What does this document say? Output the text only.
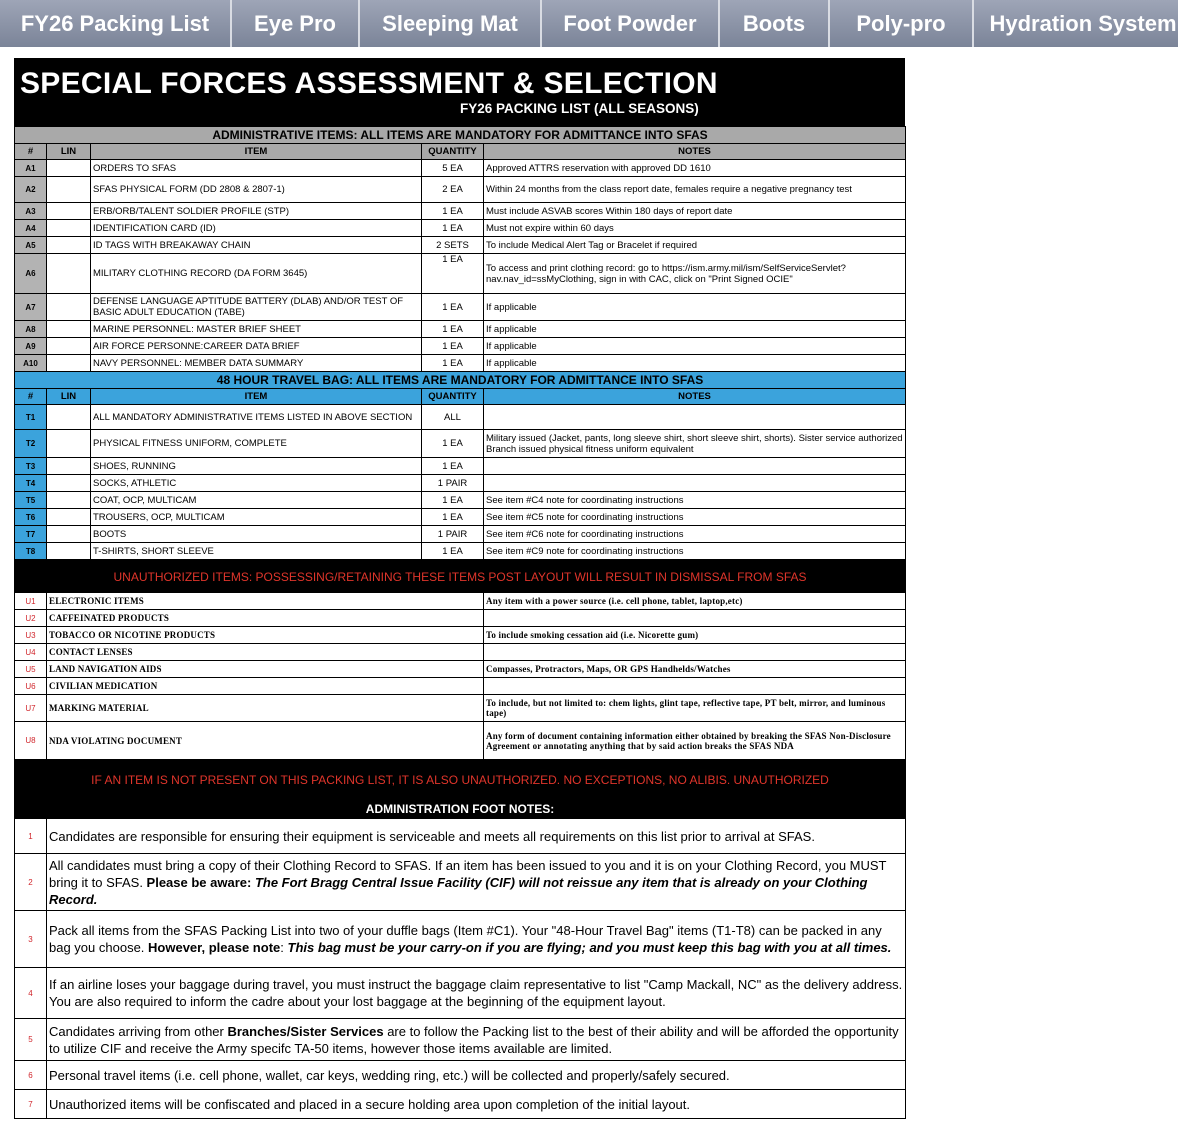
FY26 Packing List	Eye Pro	Sleeping Mat	Foot Powder	Boots	Poly-pro	Hydration System
SPECIAL FORCES ASSESSMENT & SELECTION
FY26 PACKING LIST (ALL SEASONS)
ADMINISTRATIVE ITEMS: ALL ITEMS ARE MANDATORY FOR ADMITTANCE INTO SFAS				
#	LIN	ITEM	QUANTITY	NOTES
A1		ORDERS TO SFAS	5 EA	Approved ATTRS reservation with approved DD 1610
A2		SFAS PHYSICAL FORM (DD 2808 & 2807-1)	2 EA	Within 24 months from the class report date, females require a negative pregnancy test
A3		ERB/ORB/TALENT SOLDIER PROFILE (STP)	1 EA	Must include ASVAB scores Within 180 days of report date
A4		IDENTIFICATION CARD (ID)	1 EA	Must not expire within 60 days
A5		ID TAGS WITH BREAKAWAY CHAIN	2 SETS	To include Medical Alert Tag or Bracelet if required
A6		MILITARY CLOTHING RECORD (DA FORM 3645)	1 EA	To access and print clothing record: go to https://ism.army.mil/ism/SelfServiceServlet?nav.nav_id=ssMyClothing, sign in with CAC, click on "Print Signed OCIE"
A7		DEFENSE LANGUAGE APTITUDE BATTERY (DLAB) AND/OR TEST OF BASIC ADULT EDUCATION (TABE)	1 EA	If applicable
A8		MARINE PERSONNEL: MASTER BRIEF SHEET	1 EA	If applicable
A9		AIR FORCE PERSONNE:CAREER DATA BRIEF	1 EA	If applicable
A10		NAVY PERSONNEL: MEMBER DATA SUMMARY	1 EA	If applicable
48 HOUR TRAVEL BAG: ALL ITEMS ARE MANDATORY FOR ADMITTANCE INTO SFAS				
#	LIN	ITEM	QUANTITY	NOTES
T1		ALL MANDATORY ADMINISTRATIVE ITEMS LISTED IN ABOVE SECTION	ALL	
T2		PHYSICAL FITNESS UNIFORM, COMPLETE	1 EA	Military issued (Jacket, pants, long sleeve shirt, short sleeve shirt, shorts). Sister service authorized Branch issued physical fitness uniform equivalent
T3		SHOES, RUNNING	1 EA	
T4		SOCKS, ATHLETIC	1 PAIR	
T5		COAT, OCP, MULTICAM	1 EA	See item #C4 note for coordinating instructions
T6		TROUSERS, OCP, MULTICAM	1 EA	See item #C5 note for coordinating instructions
T7		BOOTS	1 PAIR	See item #C6 note for coordinating instructions
T8		T-SHIRTS, SHORT SLEEVE	1 EA	See item #C9 note for coordinating instructions
UNAUTHORIZED ITEMS: POSSESSING/RETAINING THESE ITEMS POST LAYOUT WILL RESULT IN DISMISSAL FROM SFAS		
U1	ELECTRONIC ITEMS	Any item with a power source (i.e. cell phone, tablet, laptop,etc)
U2	CAFFEINATED PRODUCTS	
U3	TOBACCO OR NICOTINE PRODUCTS	To include smoking cessation aid (i.e. Nicorette gum)
U4	CONTACT LENSES	
U5	LAND NAVIGATION AIDS	Compasses, Protractors, Maps, OR GPS Handhelds/Watches
U6	CIVILIAN MEDICATION	
U7	MARKING MATERIAL	To include, but not limited to: chem lights, glint tape, reflective tape, PT belt, mirror, and luminous tape)
U8	NDA VIOLATING DOCUMENT	Any form of document containing information either obtained by breaking the SFAS Non-Disclosure Agreement or annotating anything that by said action breaks the SFAS NDA
IF AN ITEM IS NOT PRESENT ON THIS PACKING LIST, IT IS ALSO UNAUTHORIZED. NO EXCEPTIONS, NO ALIBIS. UNAUTHORIZED		
ADMINISTRATION FOOT NOTES:		
1	Candidates are responsible for ensuring their equipment is serviceable and meets all requirements on this list prior to arrival at SFAS.
2	All candidates must bring a copy of their Clothing Record to SFAS. If an item has been issued to you and it is on your Clothing Record, you MUST bring it to SFAS. Please be aware: The Fort Bragg Central Issue Facility (CIF) will not reissue any item that is already on your Clothing Record.
3	Pack all items from the SFAS Packing List into two of your duffle bags (Item #C1). Your "48-Hour Travel Bag" items (T1-T8) can be packed in any bag you choose. However, please note: This bag must be your carry-on if you are flying; and you must keep this bag with you at all times.
4	If an airline loses your baggage during travel, you must instruct the baggage claim representative to list "Camp Mackall, NC" as the delivery address. You are also required to inform the cadre about your lost baggage at the beginning of the equipment layout.
5	Candidates arriving from other Branches/Sister Services are to follow the Packing list to the best of their ability and will be afforded the opportunity to utilize CIF and receive the Army specifc TA-50 items, however those items available are limited.
6	Personal travel items (i.e. cell phone, wallet, car keys, wedding ring, etc.) will be collected and properly/safely secured.
7	Unauthorized items will be confiscated and placed in a secure holding area upon completion of the initial layout.
